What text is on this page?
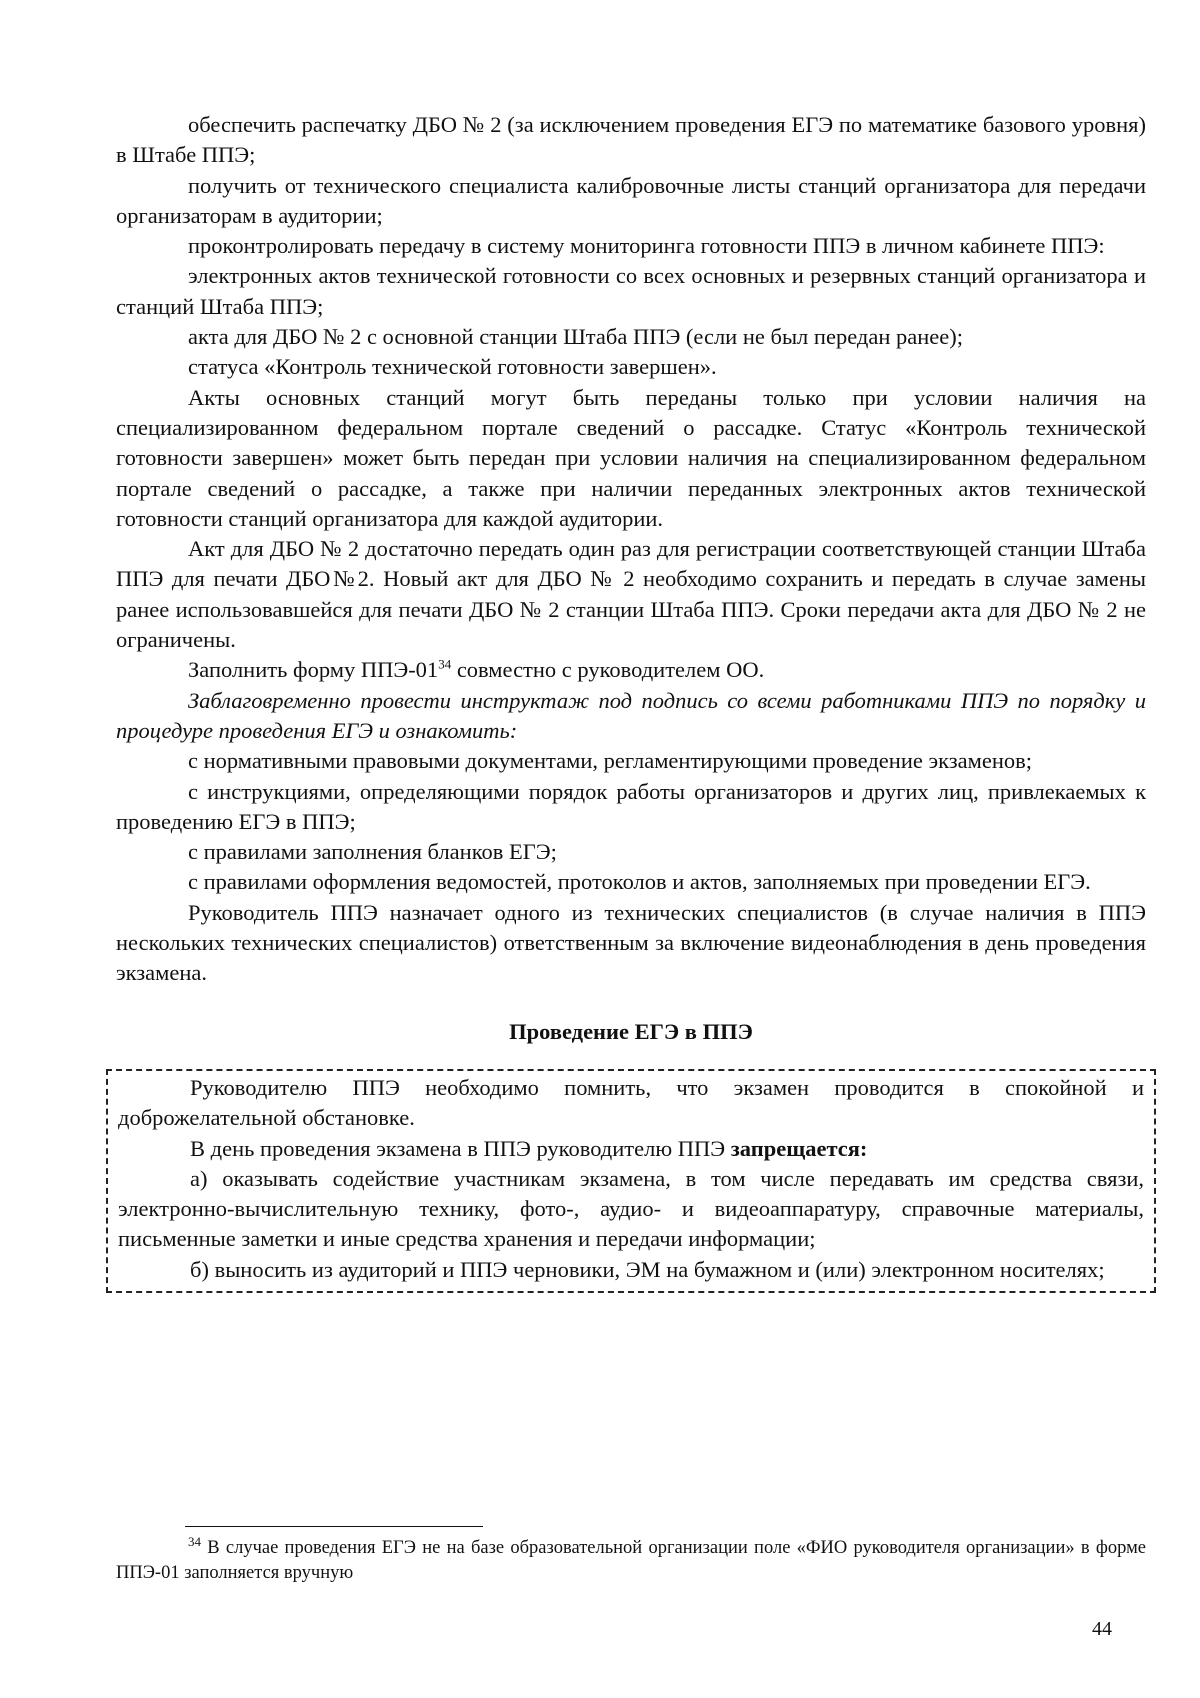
обеспечить распечатку ДБО № 2 (за исключением проведения ЕГЭ по математике базового уровня) в Штабе ППЭ;

получить от технического специалиста калибровочные листы станций организатора для передачи организаторам в аудитории;

проконтролировать передачу в систему мониторинга готовности ППЭ в личном кабинете ППЭ:

электронных актов технической готовности со всех основных и резервных станций организатора и станций Штаба ППЭ;

акта для ДБО № 2 с основной станции Штаба ППЭ (если не был передан ранее);

статуса «Контроль технической готовности завершен».

Акты основных станций могут быть переданы только при условии наличия на специализированном федеральном портале сведений о рассадке. Статус «Контроль технической готовности завершен» может быть передан при условии наличия на специализированном федеральном портале сведений о рассадке, а также при наличии переданных электронных актов технической готовности станций организатора для каждой аудитории.

Акт для ДБО № 2 достаточно передать один раз для регистрации соответствующей станции Штаба ППЭ для печати ДБО№2. Новый акт для ДБО № 2 необходимо сохранить и передать в случае замены ранее использовавшейся для печати ДБО № 2 станции Штаба ППЭ. Сроки передачи акта для ДБО № 2 не ограничены.

Заполнить форму ППЭ-$01^{34}$ совместно с руководителем ОО.

Заблаговременно провести инструктаж под подпись со всеми работниками ППЭ по порядку и процедуре проведения ЕГЭ и ознакомить:

с нормативными правовыми документами, регламентирующими проведение экзаменов;

с инструкциями, определяющими порядок работы организаторов и других лиц, привлекаемых к проведению ЕГЭ в ППЭ;

с правилами заполнения бланков ЕГЭ;

с правилами оформления ведомостей, протоколов и актов, заполняемых при проведении ЕГЭ.

Руководитель ППЭ назначает одного из технических специалистов (в случае наличия в ППЭ нескольких технических специалистов) ответственным за включение видеонаблюдения в день проведения экзамена.

Проведение ЕГЭ в ППЭ

Руководителю ППЭ необходимо помнить, что экзамен проводится в спокойной и доброжелательной обстановке.

В день проведения экзамена в ППЭ руководителю ППЭ запрещается:

а) оказывать содействие участникам экзамена, в том числе передавать им средства связи, электронно-вычислительную технику, фото-, аудио- и видеоаппаратуру, справочные материалы, письменные заметки и иные средства хранения и передачи информации;

б) выносить из аудиторий и ППЭ черновики, ЭМ на бумажном и (или) электронном носителях;

$^{34}$ В случае проведения ЕГЭ не на базе образовательной организации поле «ФИО руководителя организации» в форме ППЭ-01 заполняется вручную
44
